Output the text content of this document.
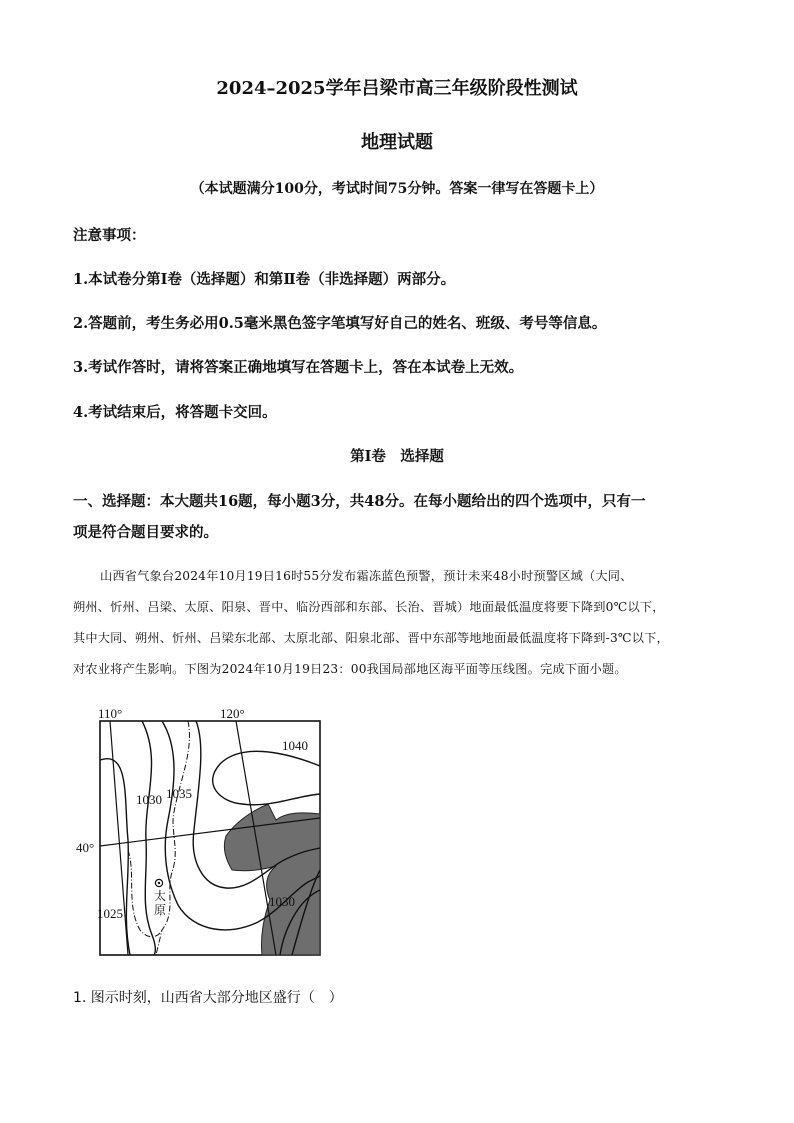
2024–2025学年吕梁市高三年级阶段性测试
地理试题
（本试题满分100分，考试时间75分钟。答案一律写在答题卡上）
注意事项：
1.本试卷分第Ⅰ卷（选择题）和第Ⅱ卷（非选择题）两部分。
2.答题前，考生务必用0.5毫米黑色签字笔填写好自己的姓名、班级、考号等信息。
3.考试作答时，请将答案正确地填写在答题卡上，答在本试卷上无效。
4.考试结束后，将答题卡交回。
第Ⅰ卷　选择题
一、选择题：本大题共16题，每小题3分，共48分。在每小题给出的四个选项中，只有一
项是符合题目要求的。
山西省气象台2024年10月19日16时55分发布霜冻蓝色预警，预计未来48小时预警区域（大同、
朔州、忻州、吕梁、太原、阳泉、晋中、临汾西部和东部、长治、晋城）地面最低温度将要下降到0℃以下，
其中大同、朔州、忻州、吕梁东北部、太原北部、阳泉北部、晋中东部等地地面最低温度将下降到-3℃以下，
对农业将产生影响。下图为2024年10月19日23：00我国局部地区海平面等压线图。完成下面小题。
110°	120°
40°
1040
1030 1035
1030
1025
太
原
1. 图示时刻，山西省大部分地区盛行（　）
